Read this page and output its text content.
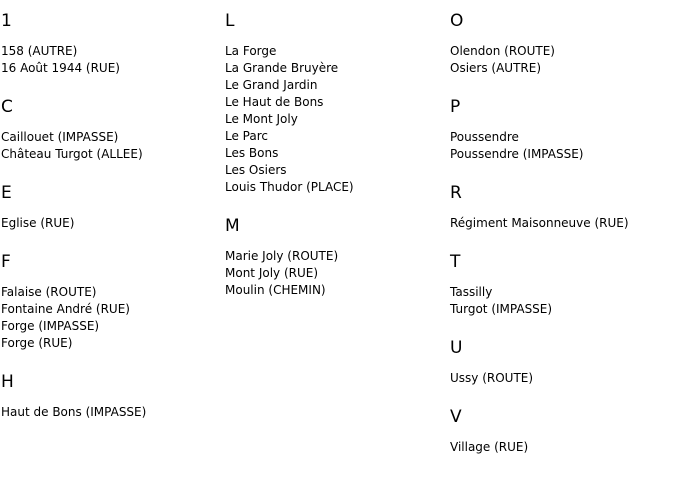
1
158 (AUTRE)
16 Août 1944 (RUE)
C
Caillouet (IMPASSE)
Château Turgot (ALLEE)
E
Eglise (RUE)
F
Falaise (ROUTE)
Fontaine André (RUE)
Forge (IMPASSE)
Forge (RUE)
H
Haut de Bons (IMPASSE)
L
La Forge
La Grande Bruyère
Le Grand Jardin
Le Haut de Bons
Le Mont Joly
Le Parc
Les Bons
Les Osiers
Louis Thudor (PLACE)
M
Marie Joly (ROUTE)
Mont Joly (RUE)
Moulin (CHEMIN)
O
Olendon (ROUTE)
Osiers (AUTRE)
P
Poussendre
Poussendre (IMPASSE)
R
Régiment Maisonneuve (RUE)
T
Tassilly
Turgot (IMPASSE)
U
Ussy (ROUTE)
V
Village (RUE)
